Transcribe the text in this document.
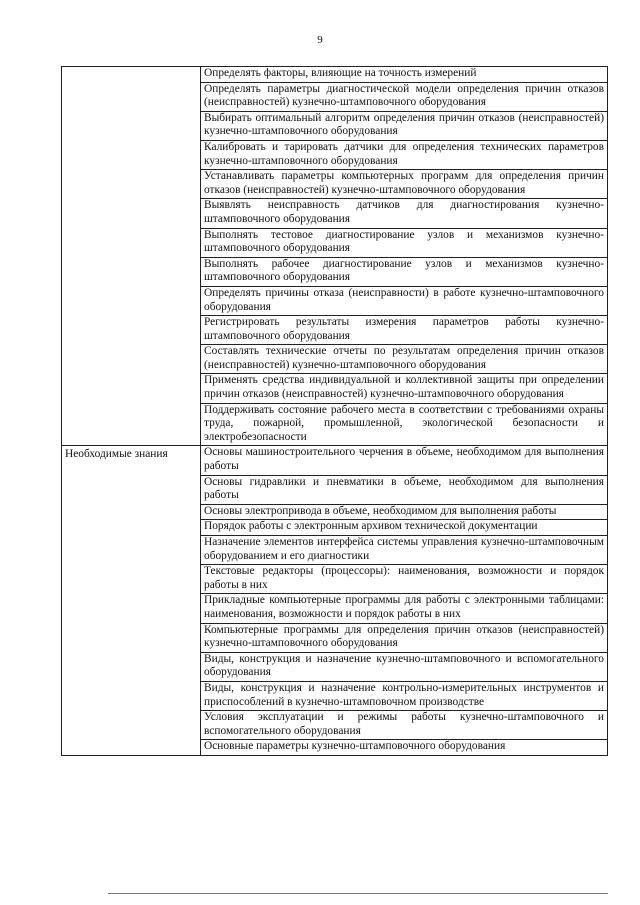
9

	Определять факторы, влияющие на точность измерений

	Определять параметры диагностической модели определения причин отказов (неисправностей) кузнечно-штамповочного оборудования

	Выбирать оптимальный алгоритм определения причин отказов (неисправностей) кузнечно-штамповочного оборудования

	Калибровать и тарировать датчики для определения технических параметров кузнечно-штамповочного оборудования

	Устанавливать параметры компьютерных программ для определения причин отказов (неисправностей) кузнечно-штамповочного оборудования

	Выявлять неисправность датчиков для диагностирования кузнечно-штамповочного оборудования

	Выполнять тестовое диагностирование узлов и механизмов кузнечно-штамповочного оборудования

	Выполнять рабочее диагностирование узлов и механизмов кузнечно-штамповочного оборудования

	Определять причины отказа (неисправности) в работе кузнечно-штамповочного оборудования

	Регистрировать результаты измерения параметров работы кузнечно-штамповочного оборудования

	Составлять технические отчеты по результатам определения причин отказов (неисправностей) кузнечно-штамповочного оборудования

	Применять средства индивидуальной и коллективной защиты при определении причин отказов (неисправностей) кузнечно-штамповочного оборудования

	Поддерживать состояние рабочего места в соответствии с требованиями охраны труда, пожарной, промышленной, экологической безопасности и электробезопасности

Необходимые знания	Основы машиностроительного черчения в объеме, необходимом для выполнения работы

	Основы гидравлики и пневматики в объеме, необходимом для выполнения работы

	Основы электропривода в объеме, необходимом для выполнения работы

	Порядок работы с электронным архивом технической документации

	Назначение элементов интерфейса системы управления кузнечно-штамповочным оборудованием и его диагностики

	Текстовые редакторы (процессоры): наименования, возможности и порядок работы в них

	Прикладные компьютерные программы для работы с электронными таблицами: наименования, возможности и порядок работы в них

	Компьютерные программы для определения причин отказов (неисправностей) кузнечно-штамповочного оборудования

	Виды, конструкция и назначение кузнечно-штамповочного и вспомогательного оборудования

	Виды, конструкция и назначение контрольно-измерительных инструментов и приспособлений в кузнечно-штамповочном производстве

	Условия эксплуатации и режимы работы кузнечно-штамповочного и вспомогательного оборудования

	Основные параметры кузнечно-штамповочного оборудования
